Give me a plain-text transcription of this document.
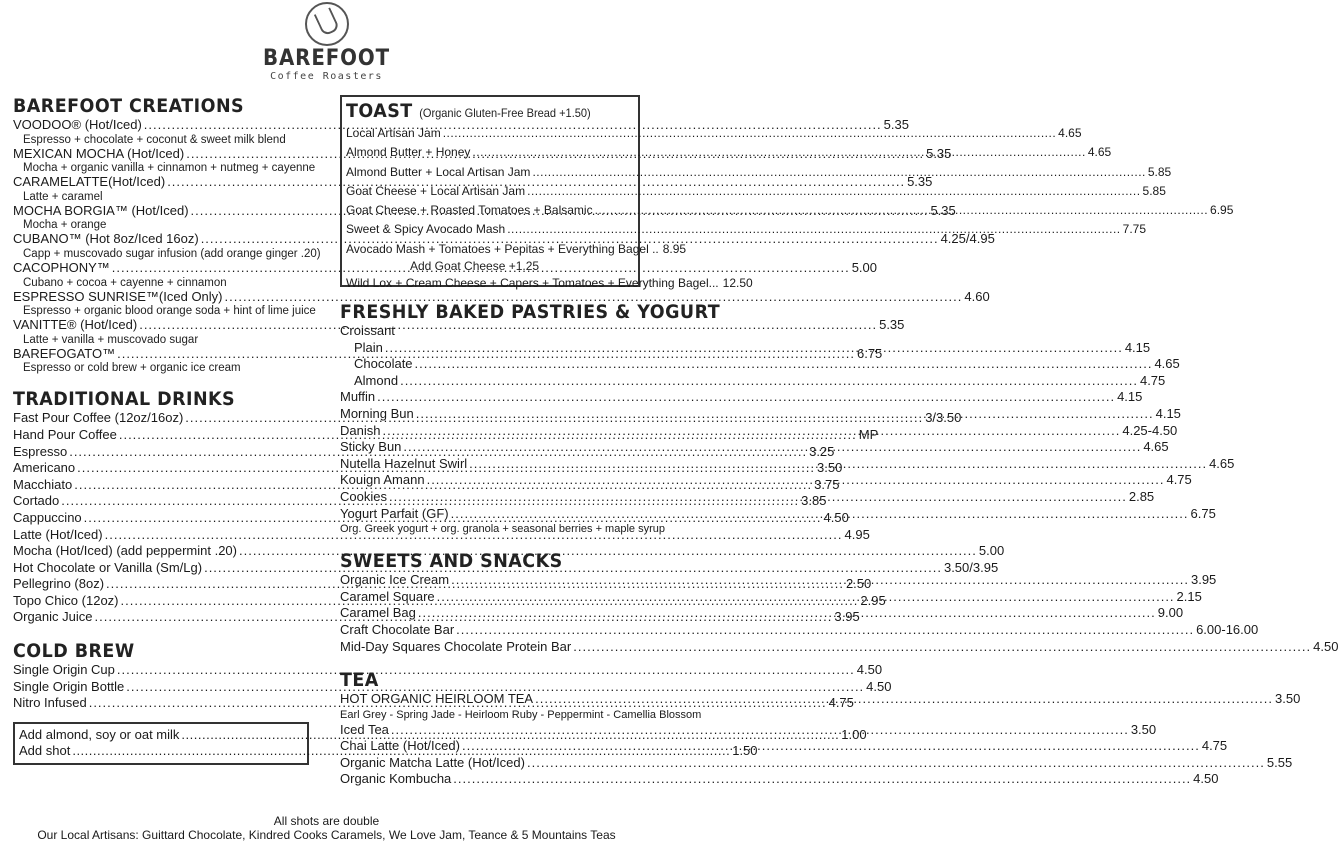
BAREFOOT
Coffee Roasters
BAREFOOT CREATIONS
VOODOO® (Hot/Iced) .....	5.35
Espresso + chocolate + coconut & sweet milk blend
MEXICAN MOCHA (Hot/Iced) .....	5.35
Mocha + organic vanilla + cinnamon + nutmeg + cayenne
CARAMELATTE(Hot/Iced) .....	5.35
Latte + caramel
MOCHA BORGIA™ (Hot/Iced) .....	5.35
Mocha + orange
CUBANO™ (Hot 8oz/Iced 16oz) .....	4.25/4.95
Capp + muscovado sugar infusion (add orange ginger .20)
CACOPHONY™ .....	5.00
Cubano + cocoa + cayenne + cinnamon
ESPRESSO SUNRISE™(Iced Only) .....	4.60
Espresso + organic blood orange soda + hint of lime juice
VANITTE® (Hot/Iced) .....	5.35
Latte + vanilla + muscovado sugar
BAREFOGATO™ .....	6.75
Espresso or cold brew + organic ice cream
TRADITIONAL DRINKS
Fast Pour Coffee (12oz/16oz) .....	3/3.50
Hand Pour Coffee .....	MP
Espresso .....	3.25
Americano .....	3.50
Macchiato .....	3.75
Cortado .....	3.85
Cappuccino .....	4.50
Latte (Hot/Iced) .....	4.95
Mocha (Hot/Iced) (add peppermint .20) .....	5.00
Hot Chocolate or Vanilla (Sm/Lg) .....	3.50/3.95
Pellegrino (8oz) .....	2.50
Topo Chico (12oz) .....	2.95
Organic Juice .....	3.95
COLD BREW
Single Origin Cup .....	4.50
Single Origin Bottle .....	4.50
Nitro Infused .....	4.75
Add almond, soy or oat milk .....	1.00
Add shot .....	1.50
TOAST (Organic Gluten-Free Bread +1.50)
Local Artisan Jam .....	4.65
Almond Butter + Honey .....	4.65
Almond Butter + Local Artisan Jam .....	5.85
Goat Cheese + Local Artisan Jam .....	5.85
Goat Cheese + Roasted Tomatoes + Balsamic .....	6.95
Sweet & Spicy Avocado Mash .....	7.75
Avocado Mash + Tomatoes + Pepitas + Everything Bagel .. 8.95
Add Goat Cheese +1.25
Wild Lox + Cream Cheese + Capers + Tomatoes + Everything Bagel... 12.50
FRESHLY BAKED PASTRIES & YOGURT
Croissant
Plain .....	4.15
Chocolate .....	4.65
Almond .....	4.75
Muffin .....	4.15
Morning Bun .....	4.15
Danish .....	4.25-4.50
Sticky Bun .....	4.65
Nutella Hazelnut Swirl .....	4.65
Kouign Amann .....	4.75
Cookies .....	2.85
Yogurt Parfait (GF) .....	6.75
Org. Greek yogurt + org. granola + seasonal berries + maple syrup
SWEETS AND SNACKS
Organic Ice Cream .....	3.95
Caramel Square .....	2.15
Caramel Bag .....	9.00
Craft Chocolate Bar .....	6.00-16.00
Mid-Day Squares Chocolate Protein Bar .....	4.50
TEA
HOT ORGANIC HEIRLOOM TEA .....	3.50
Earl Grey - Spring Jade - Heirloom Ruby - Peppermint - Camellia Blossom
Iced Tea .....	3.50
Chai Latte (Hot/Iced) .....	4.75
Organic Matcha Latte (Hot/Iced) .....	5.55
Organic Kombucha .....	4.50
All shots are double
Our Local Artisans: Guittard Chocolate, Kindred Cooks Caramels, We Love Jam, Teance & 5 Mountains Teas
